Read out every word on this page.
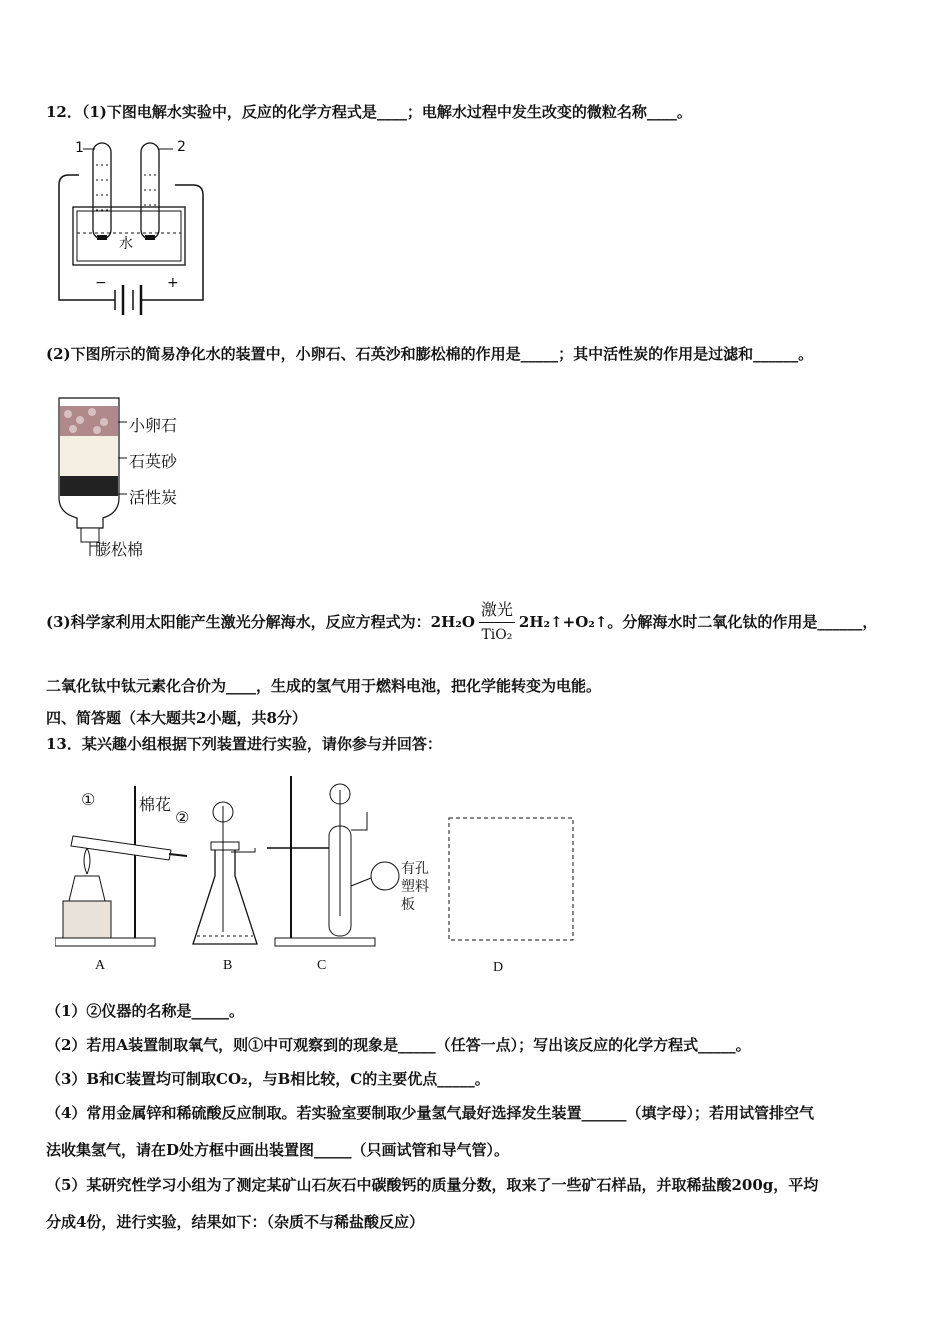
12．（1)下图电解水实验中，反应的化学方程式是____；电解水过程中发生改变的微粒名称____。
1	2
水
−	+
(2)下图所示的简易净化水的装置中，小卵石、石英沙和膨松棉的作用是_____；其中活性炭的作用是过滤和______。
小卵石
石英砂
活性炭
膨松棉
(3)科学家利用太阳能产生激光分解海水，反应方程式为：2H₂O
激光
TiO₂
2H₂↑+O₂↑。分解海水时二氧化钛的作用是______，
二氧化钛中钛元素化合价为____，生成的氢气用于燃料电池，把化学能转变为电能。
四、简答题（本大题共2小题，共8分）
13．某兴趣小组根据下列装置进行实验，请你参与并回答：
①	棉花
②
有孔塑料板
A	B	C	D
（1）②仪器的名称是_____。
（2）若用A装置制取氧气，则①中可观察到的现象是_____（任答一点）；写出该反应的化学方程式_____。
（3）B和C装置均可制取CO₂，与B相比较，C的主要优点_____。
（4）常用金属锌和稀硫酸反应制取。若实验室要制取少量氢气最好选择发生装置______（填字母）；若用试管排空气
法收集氢气，请在D处方框中画出装置图_____（只画试管和导气管）。
（5）某研究性学习小组为了测定某矿山石灰石中碳酸钙的质量分数，取来了一些矿石样品，并取稀盐酸200g，平均
分成4份，进行实验，结果如下：（杂质不与稀盐酸反应）
